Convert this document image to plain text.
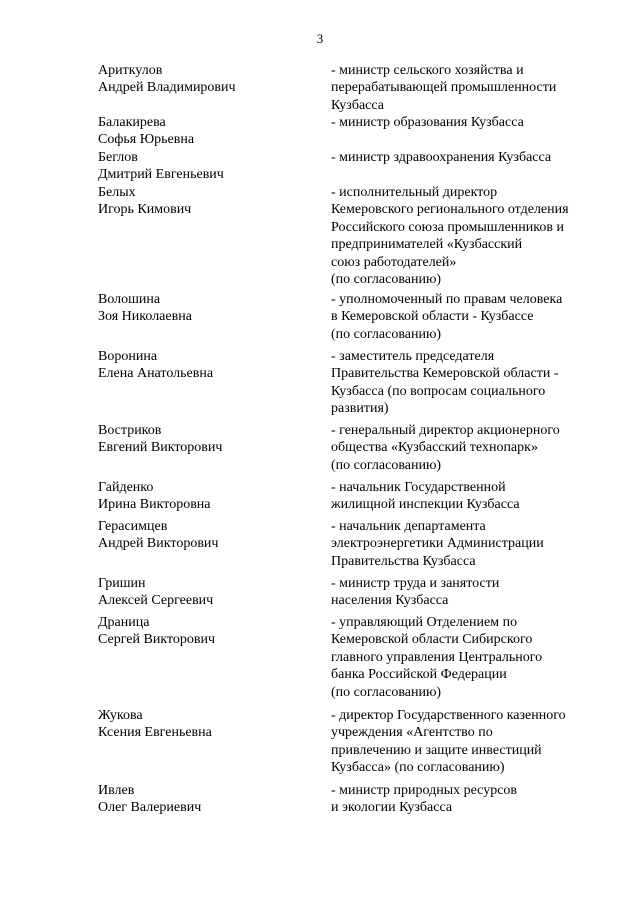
3
Ариткулов
Андрей Владимирович
- министр сельского хозяйства и
перерабатывающей промышленности
Кузбасса
Балакирева
Софья Юрьевна
- министр образования Кузбасса
Беглов
Дмитрий Евгеньевич
- министр здравоохранения Кузбасса
Белых
Игорь Кимович
- исполнительный директор
Кемеровского регионального отделения
Российского союза промышленников и
предпринимателей «Кузбасский
союз работодателей»
(по согласованию)
Волошина
Зоя Николаевна
- уполномоченный по правам человека
в Кемеровской области - Кузбассе
(по согласованию)
Воронина
Елена Анатольевна
- заместитель председателя
Правительства Кемеровской области -
Кузбасса (по вопросам социального
развития)
Востриков
Евгений Викторович
- генеральный директор акционерного
общества «Кузбасский технопарк»
(по согласованию)
Гайденко
Ирина Викторовна
- начальник Государственной
жилищной инспекции Кузбасса
Герасимцев
Андрей Викторович
- начальник департамента
электроэнергетики Администрации
Правительства Кузбасса
Гришин
Алексей Сергеевич
- министр труда и занятости
населения Кузбасса
Драница
Сергей Викторович
- управляющий Отделением по
Кемеровской области Сибирского
главного управления Центрального
банка Российской Федерации
(по согласованию)
Жукова
Ксения Евгеньевна
- директор Государственного казенного
учреждения «Агентство по
привлечению и защите инвестиций
Кузбасса» (по согласованию)
Ивлев
Олег Валериевич
- министр природных ресурсов
и экологии Кузбасса
